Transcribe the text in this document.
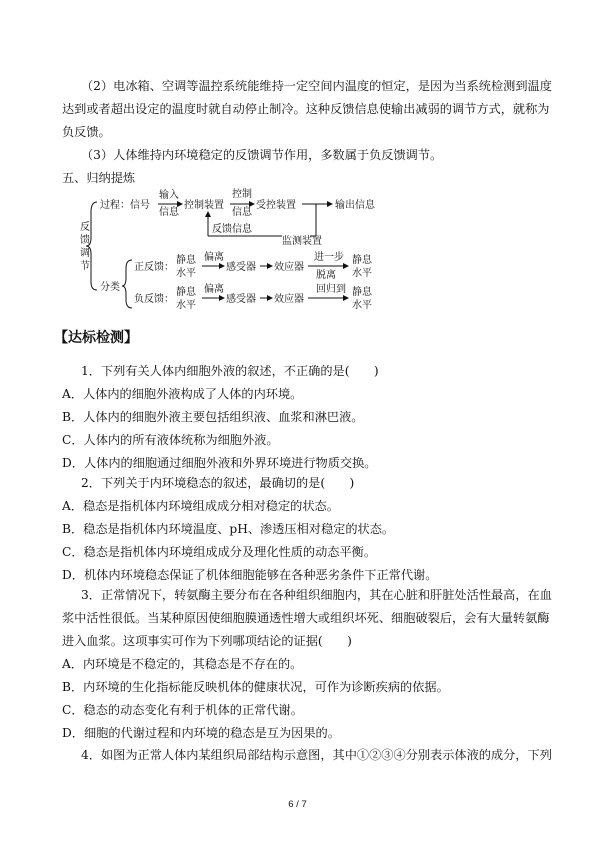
（2）电冰箱、空调等温控系统能维持一定空间内温度的恒定，是因为当系统检测到温度
达到或者超出设定的温度时就自动停止制冷。这种反馈信息使输出减弱的调节方式，就称为
负反馈。
（3）人体维持内环境稳定的反馈调节作用，多数属于负反馈调节。
五、归纳提炼
反
馈
调
节
过程：信号
输入
信息
控制装置
控制
信息
受控装置	输出信息
监测装置
反馈信息
分类
正反馈：
静息
水平
偏离
感受器 效应器
进一步
脱离
静息
水平
负反馈：
静息
水平
偏离
感受器 效应器
回归到 静息
水平
【达标检测】
1．下列有关人体内细胞外液的叙述，不正确的是(　　)
A．人体内的细胞外液构成了人体的内环境。
B．人体内的细胞外液主要包括组织液、血浆和淋巴液。
C．人体内的所有液体统称为细胞外液。
D．人体内的细胞通过细胞外液和外界环境进行物质交换。
2．下列关于内环境稳态的叙述，最确切的是(　　)
A．稳态是指机体内环境组成成分相对稳定的状态。
B．稳态是指机体内环境温度、pH、渗透压相对稳定的状态。
C．稳态是指机体内环境组成成分及理化性质的动态平衡。
D．机体内环境稳态保证了机体细胞能够在各种恶劣条件下正常代谢。
3．正常情况下，转氨酶主要分布在各种组织细胞内，其在心脏和肝脏处活性最高，在血
浆中活性很低。当某种原因使细胞膜通透性增大或组织坏死、细胞破裂后，会有大量转氨酶
进入血浆。这项事实可作为下列哪项结论的证据(　　)
A．内环境是不稳定的，其稳态是不存在的。
B．内环境的生化指标能反映机体的健康状况，可作为诊断疾病的依据。
C．稳态的动态变化有利于机体的正常代谢。
D．细胞的代谢过程和内环境的稳态是互为因果的。
4．如图为正常人体内某组织局部结构示意图，其中①②③④分别表示体液的成分，下列
6 / 7
